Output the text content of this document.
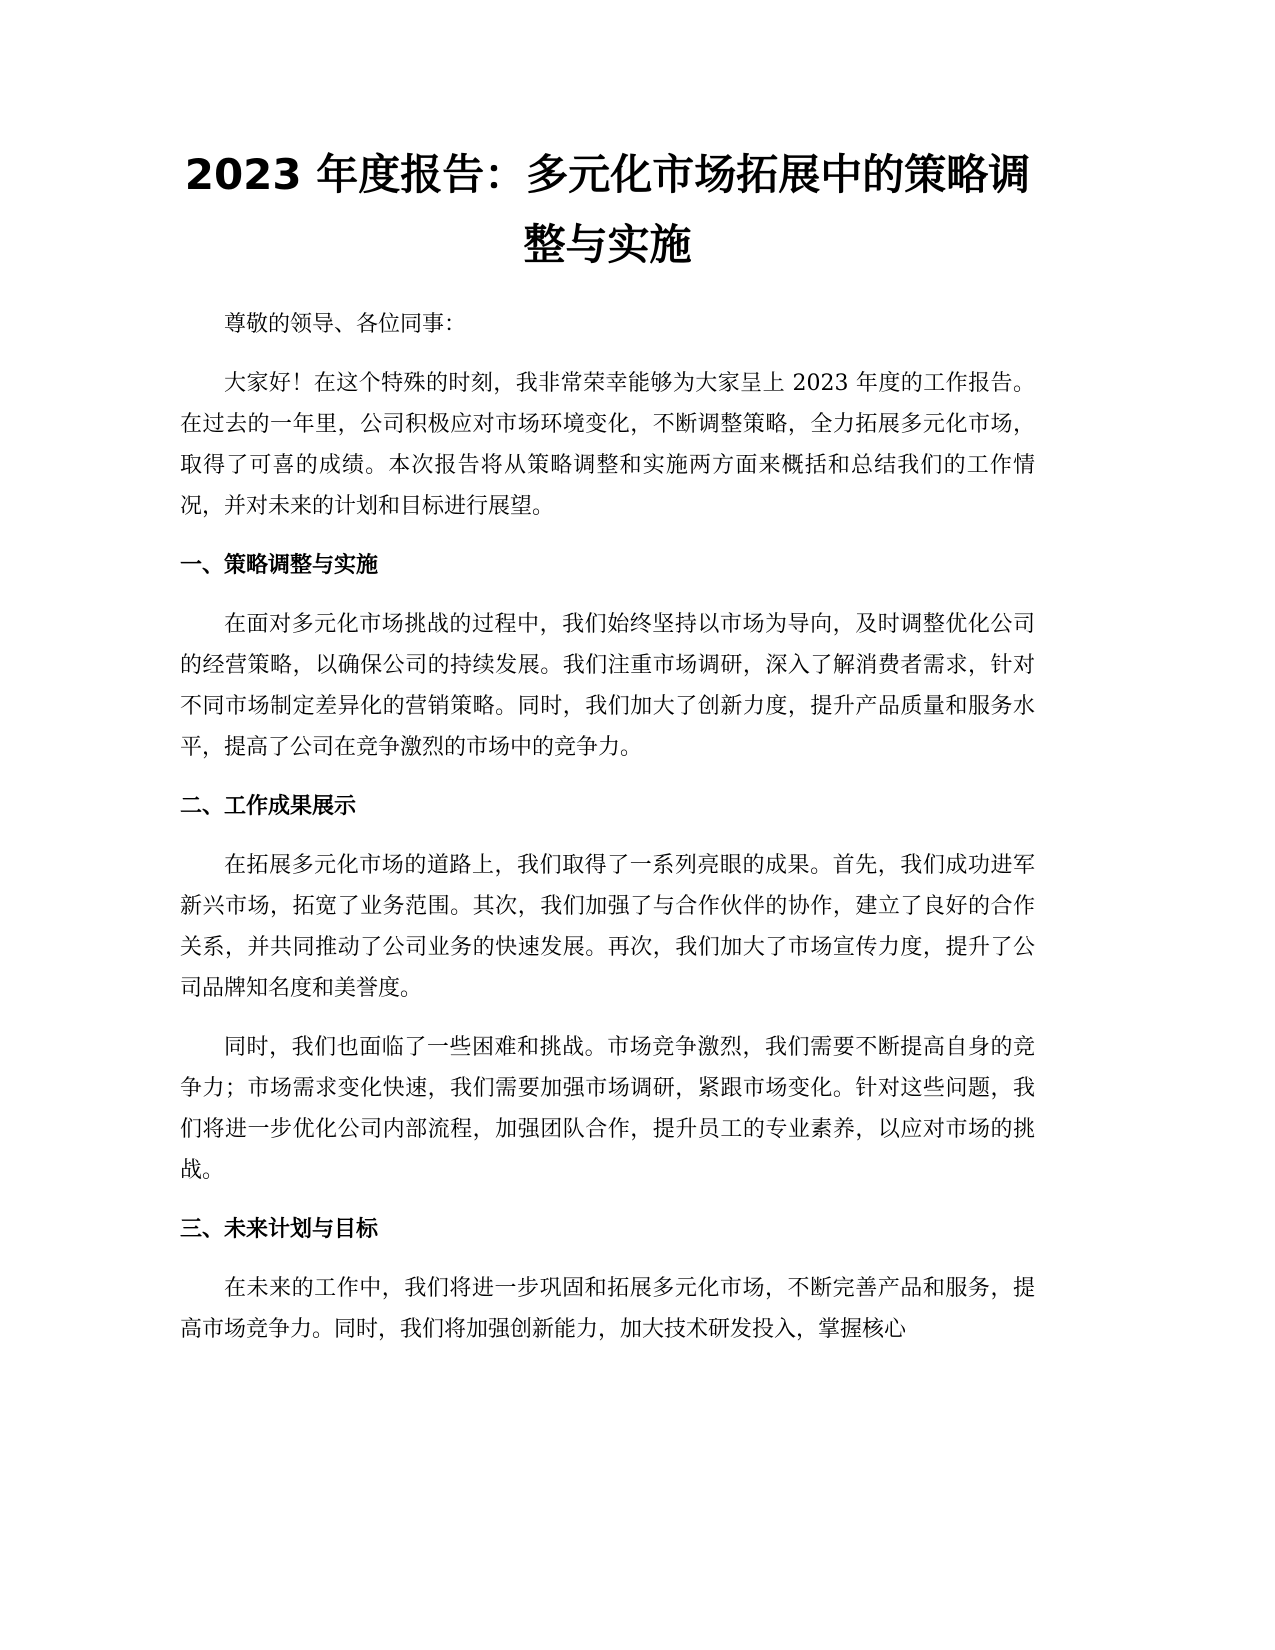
2023 年度报告：多元化市场拓展中的策略调整与实施

尊敬的领导、各位同事：

大家好！在这个特殊的时刻，我非常荣幸能够为大家呈上 2023 年度的工作报告。在过去的一年里，公司积极应对市场环境变化，不断调整策略，全力拓展多元化市场，取得了可喜的成绩。本次报告将从策略调整和实施两方面来概括和总结我们的工作情况，并对未来的计划和目标进行展望。

一、策略调整与实施

在面对多元化市场挑战的过程中，我们始终坚持以市场为导向，及时调整优化公司的经营策略，以确保公司的持续发展。我们注重市场调研，深入了解消费者需求，针对不同市场制定差异化的营销策略。同时，我们加大了创新力度，提升产品质量和服务水平，提高了公司在竞争激烈的市场中的竞争力。

二、工作成果展示

在拓展多元化市场的道路上，我们取得了一系列亮眼的成果。首先，我们成功进军新兴市场，拓宽了业务范围。其次，我们加强了与合作伙伴的协作，建立了良好的合作关系，并共同推动了公司业务的快速发展。再次，我们加大了市场宣传力度，提升了公司品牌知名度和美誉度。

同时，我们也面临了一些困难和挑战。市场竞争激烈，我们需要不断提高自身的竞争力；市场需求变化快速，我们需要加强市场调研，紧跟市场变化。针对这些问题，我们将进一步优化公司内部流程，加强团队合作，提升员工的专业素养，以应对市场的挑战。

三、未来计划与目标

在未来的工作中，我们将进一步巩固和拓展多元化市场，不断完善产品和服务，提高市场竞争力。同时，我们将加强创新能力，加大技术研发投入，掌握核心
